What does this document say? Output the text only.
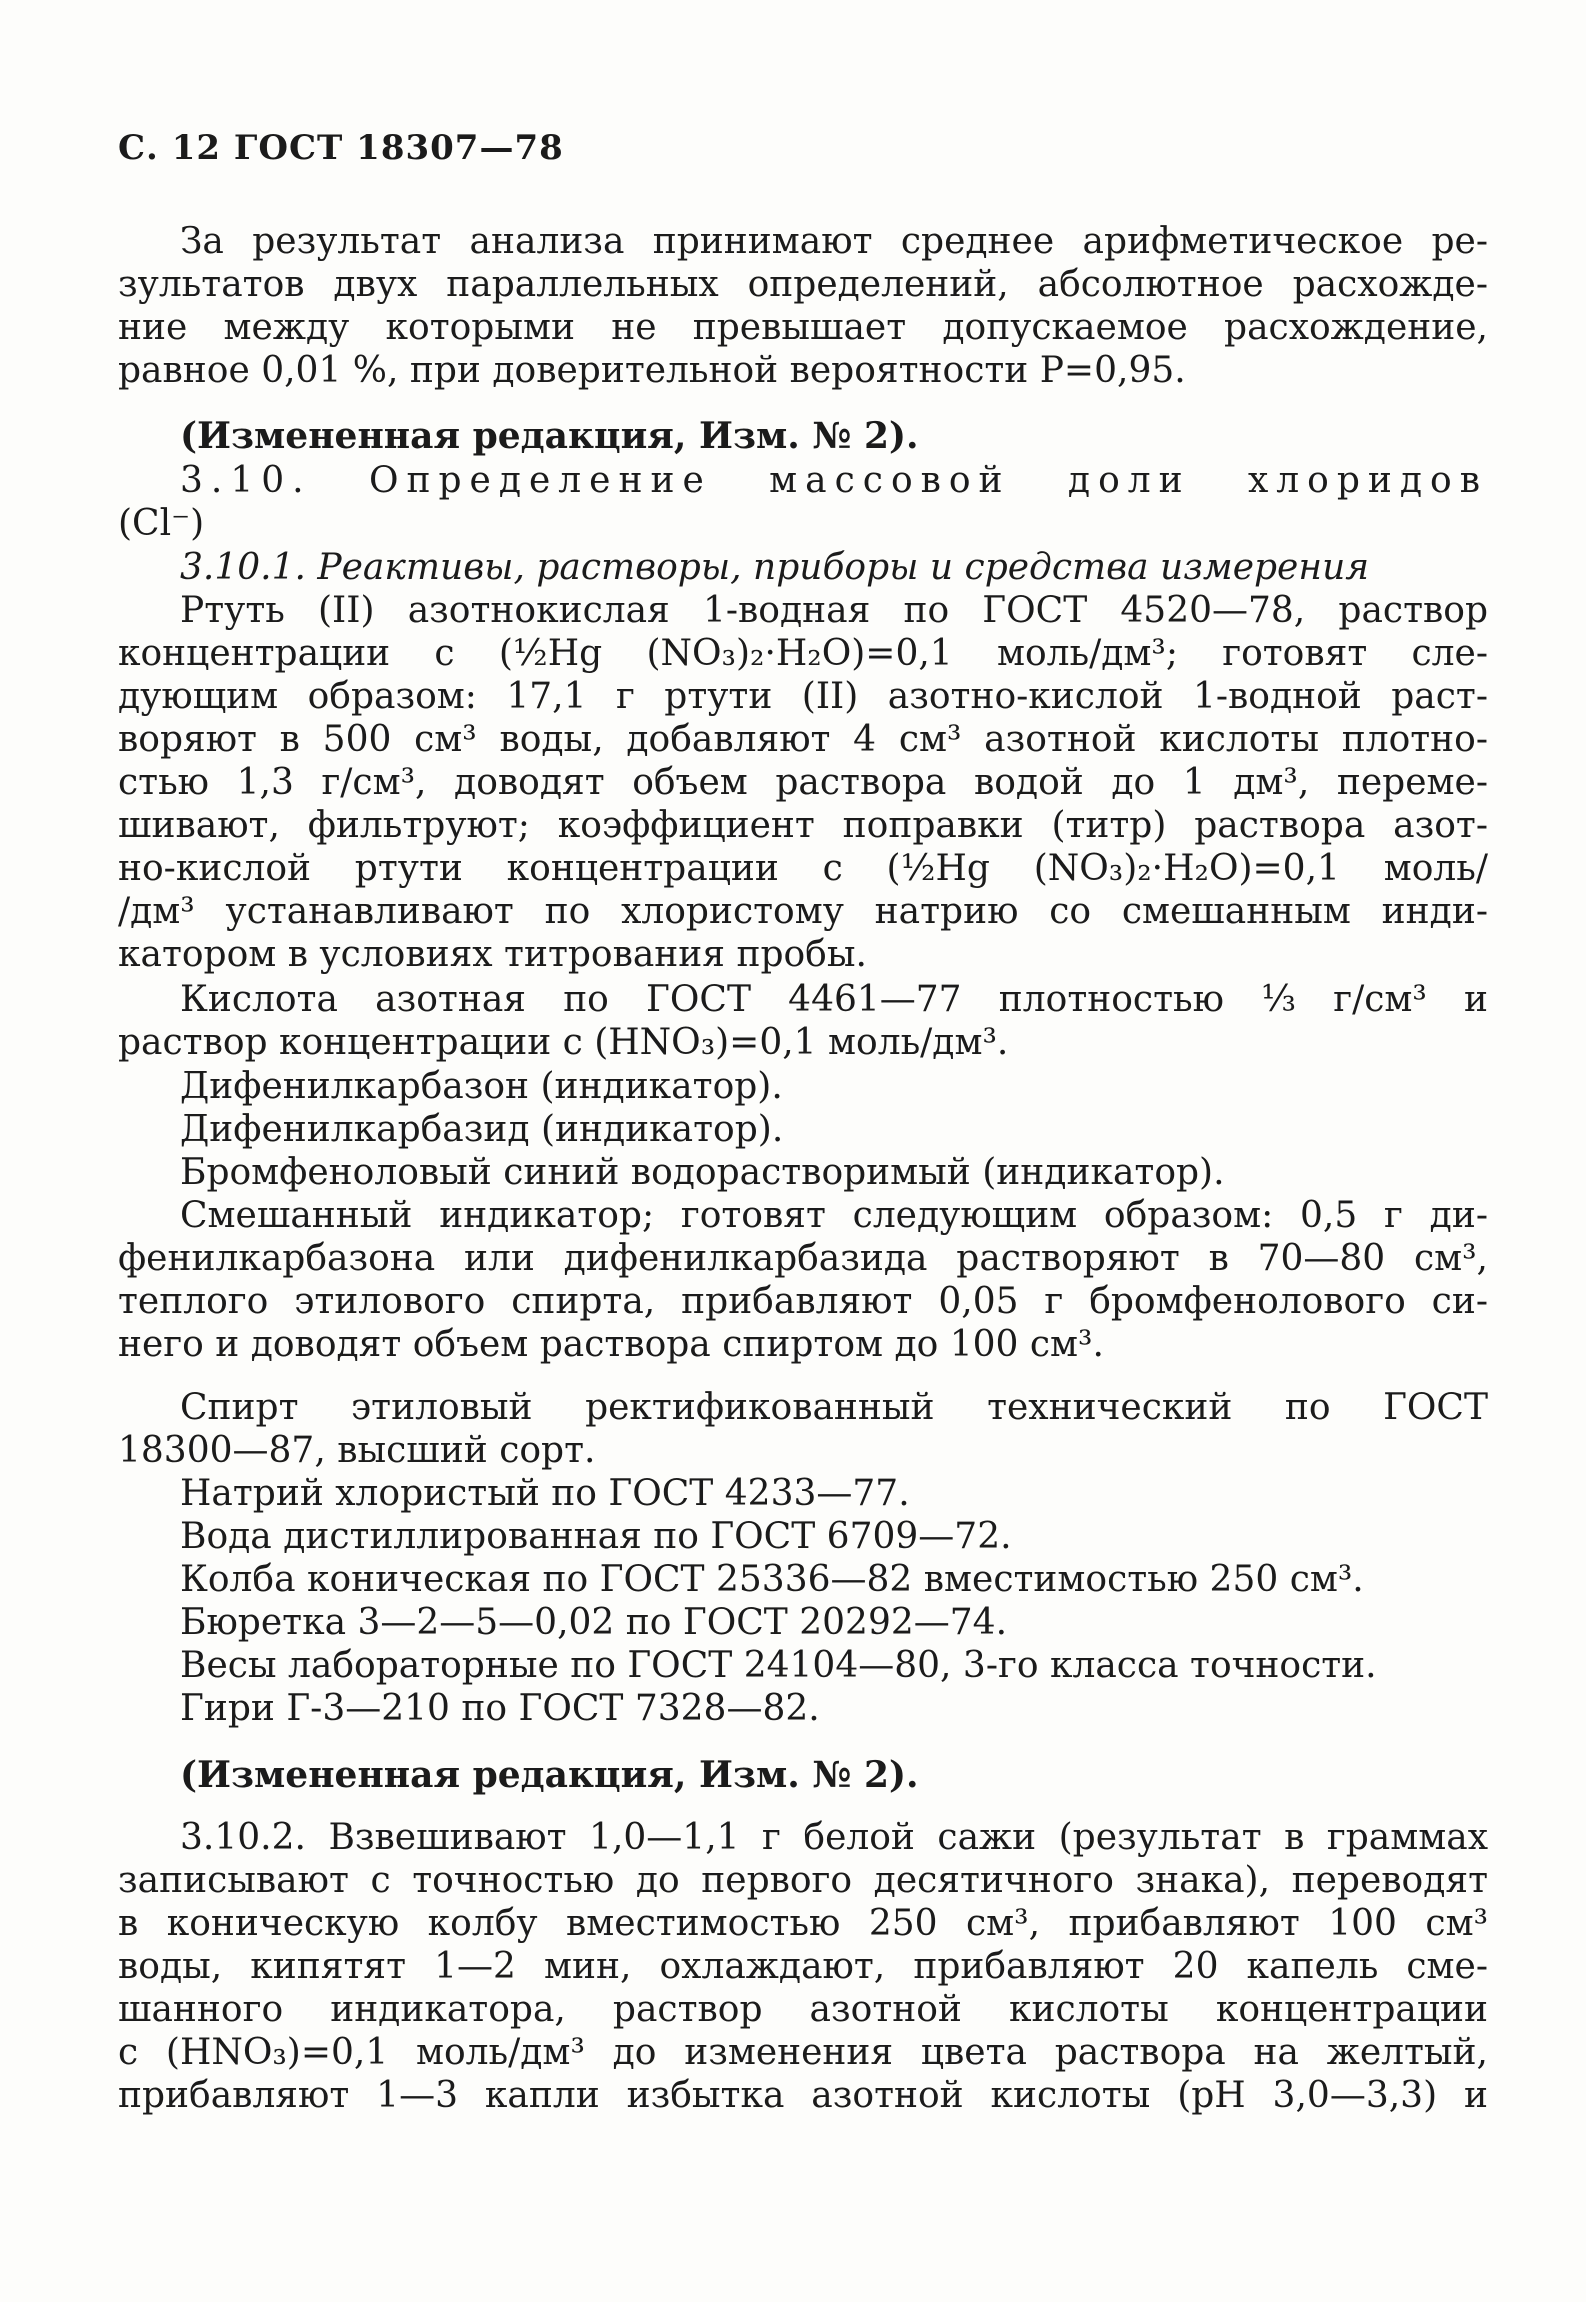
С. 12 ГОСТ 18307—78
За результат анализа принимают среднее арифметическое ре-
зультатов двух параллельных определений, абсолютное расхожде-
ние между которыми не превышает допускаемое расхождение,
равное 0,01 %, при доверительной вероятности P=0,95.
(Измененная редакция, Изм. № 2).
3.10. Определение массовой доли хлоридов
(Cl⁻)
3.10.1. Реактивы, растворы, приборы и средства измерения
Ртуть (II) азотнокислая 1-водная по ГОСТ 4520—78, раствор
концентрации c (½Hg (NO₃)₂·H₂O)=0,1 моль/дм³; готовят сле-
дующим образом: 17,1 г ртути (II) азотно-кислой 1-водной раст-
воряют в 500 см³ воды, добавляют 4 см³ азотной кислоты плотно-
стью 1,3 г/см³, доводят объем раствора водой до 1 дм³, переме-
шивают, фильтруют; коэффициент поправки (титр) раствора азот-
но-кислой ртути концентрации c (½Hg (NO₃)₂·H₂O)=0,1 моль/
/дм³ устанавливают по хлористому натрию со смешанным инди-
катором в условиях титрования пробы.
Кислота азотная по ГОСТ 4461—77 плотностью ⅓ г/см³ и
раствор концентрации c (HNO₃)=0,1 моль/дм³.
Дифенилкарбазон (индикатор).
Дифенилкарбазид (индикатор).
Бромфеноловый синий водорастворимый (индикатор).
Смешанный индикатор; готовят следующим образом: 0,5 г ди-
фенилкарбазона или дифенилкарбазида растворяют в 70—80 см³,
теплого этилового спирта, прибавляют 0,05 г бромфенолового си-
него и доводят объем раствора спиртом до 100 см³.
Спирт этиловый ректификованный технический по ГОСТ
18300—87, высший сорт.
Натрий хлористый по ГОСТ 4233—77.
Вода дистиллированная по ГОСТ 6709—72.
Колба коническая по ГОСТ 25336—82 вместимостью 250 см³.
Бюретка 3—2—5—0,02 по ГОСТ 20292—74.
Весы лабораторные по ГОСТ 24104—80, 3-го класса точности.
Гири Г-3—210 по ГОСТ 7328—82.
(Измененная редакция, Изм. № 2).
3.10.2. Взвешивают 1,0—1,1 г белой сажи (результат в граммах
записывают с точностью до первого десятичного знака), переводят
в коническую колбу вместимостью 250 см³, прибавляют 100 см³
воды, кипятят 1—2 мин, охлаждают, прибавляют 20 капель сме-
шанного индикатора, раствор азотной кислоты концентрации
c (HNO₃)=0,1 моль/дм³ до изменения цвета раствора на желтый,
прибавляют 1—3 капли избытка азотной кислоты (pH 3,0—3,3) и
